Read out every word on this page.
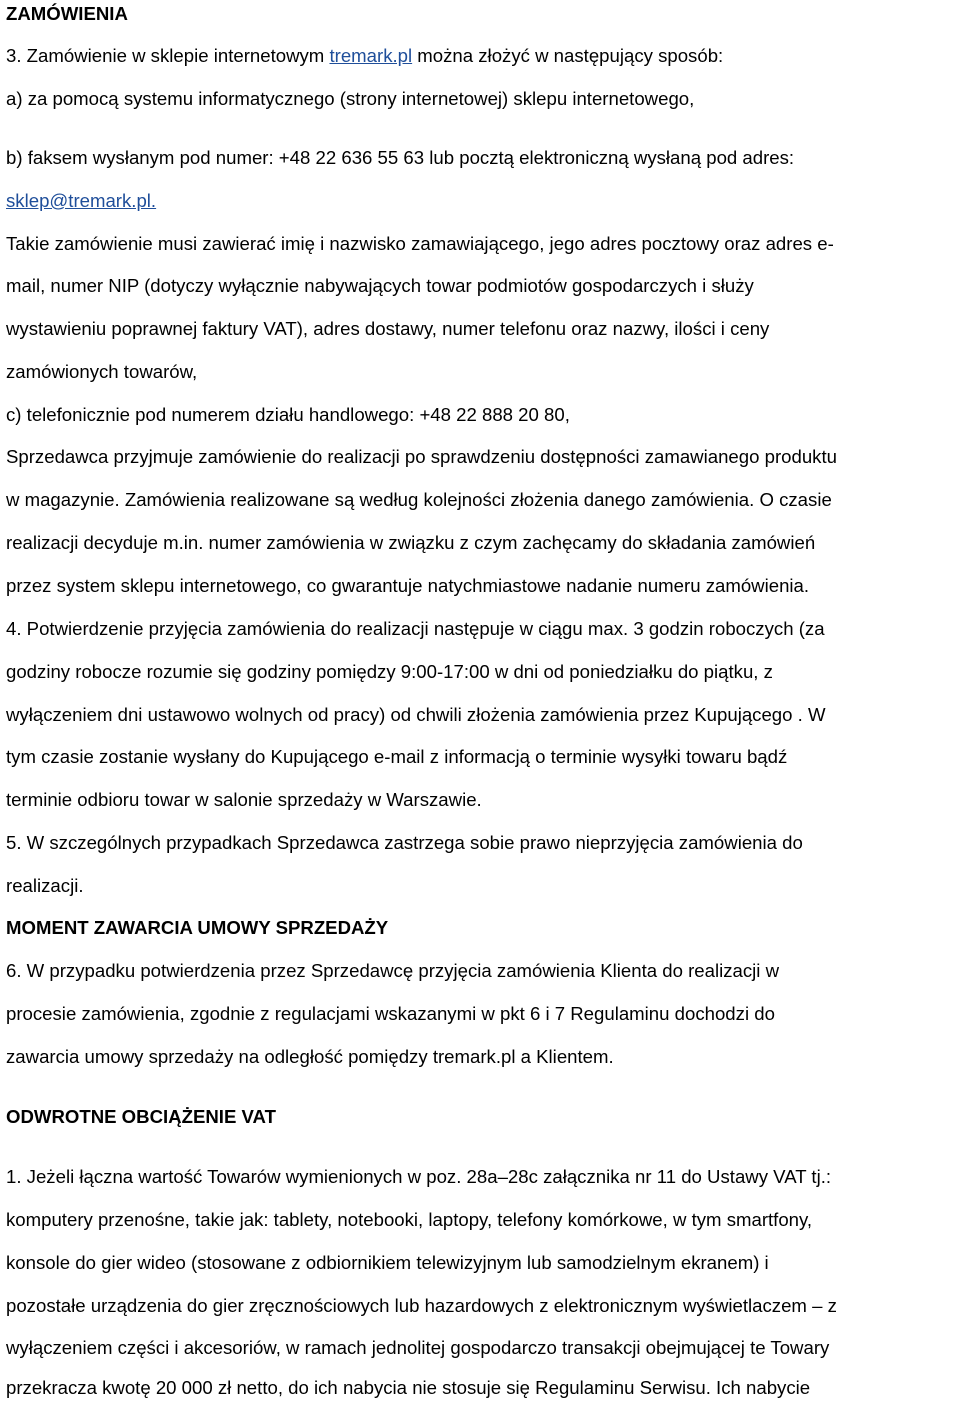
ZAMÓWIENIA
3. Zamówienie w sklepie internetowym tremark.pl można złożyć w następujący sposób:
a) za pomocą systemu informatycznego (strony internetowej) sklepu internetowego,
b) faksem wysłanym pod numer: +48 22 636 55 63 lub pocztą elektroniczną wysłaną pod adres:
sklep@tremark.pl.
Takie zamówienie musi zawierać imię i nazwisko zamawiającego, jego adres pocztowy oraz adres e-
mail, numer NIP (dotyczy wyłącznie nabywających towar podmiotów gospodarczych i służy
wystawieniu poprawnej faktury VAT), adres dostawy, numer telefonu oraz nazwy, ilości i ceny
zamówionych towarów,
c) telefonicznie pod numerem działu handlowego: +48 22 888 20 80,
Sprzedawca przyjmuje zamówienie do realizacji po sprawdzeniu dostępności zamawianego produktu
w magazynie. Zamówienia realizowane są według kolejności złożenia danego zamówienia. O czasie
realizacji decyduje m.in. numer zamówienia w związku z czym zachęcamy do składania zamówień
przez system sklepu internetowego, co gwarantuje natychmiastowe nadanie numeru zamówienia.
4. Potwierdzenie przyjęcia zamówienia do realizacji następuje w ciągu max. 3 godzin roboczych (za
godziny robocze rozumie się godziny pomiędzy 9:00-17:00 w dni od poniedziałku do piątku, z
wyłączeniem dni ustawowo wolnych od pracy) od chwili złożenia zamówienia przez Kupującego . W
tym czasie zostanie wysłany do Kupującego e-mail z informacją o terminie wysyłki towaru bądź
terminie odbioru towar w salonie sprzedaży w Warszawie.
5. W szczególnych przypadkach Sprzedawca zastrzega sobie prawo nieprzyjęcia zamówienia do
realizacji.
MOMENT ZAWARCIA UMOWY SPRZEDAŻY
6. W przypadku potwierdzenia przez Sprzedawcę przyjęcia zamówienia Klienta do realizacji w
procesie zamówienia, zgodnie z regulacjami wskazanymi w pkt 6 i 7 Regulaminu dochodzi do
zawarcia umowy sprzedaży na odległość pomiędzy tremark.pl a Klientem.
ODWROTNE OBCIĄŻENIE VAT
1. Jeżeli łączna wartość Towarów wymienionych w poz. 28a–28c załącznika nr 11 do Ustawy VAT tj.:
komputery przenośne, takie jak: tablety, notebooki, laptopy, telefony komórkowe, w tym smartfony,
konsole do gier wideo (stosowane z odbiornikiem telewizyjnym lub samodzielnym ekranem) i
pozostałe urządzenia do gier zręcznościowych lub hazardowych z elektronicznym wyświetlaczem – z
wyłączeniem części i akcesoriów, w ramach jednolitej gospodarczo transakcji obejmującej te Towary
przekracza kwotę 20 000 zł netto, do ich nabycia nie stosuje się Regulaminu Serwisu. Ich nabycie
